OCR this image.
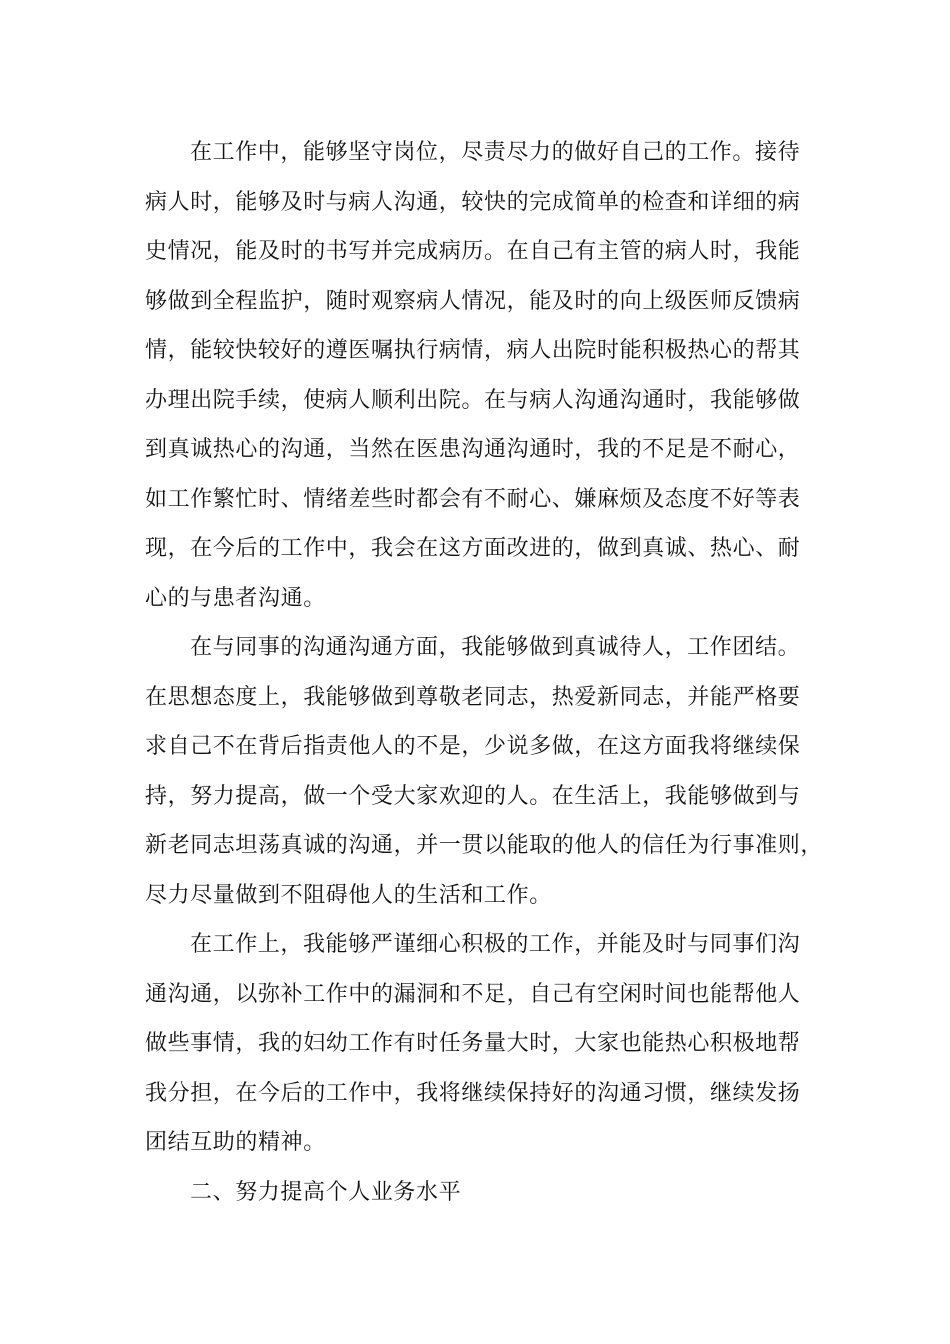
在工作中，能够坚守岗位，尽责尽力的做好自己的工作。接待
病人时，能够及时与病人沟通，较快的完成简单的检查和详细的病
史情况，能及时的书写并完成病历。在自己有主管的病人时，我能
够做到全程监护，随时观察病人情况，能及时的向上级医师反馈病
情，能较快较好的遵医嘱执行病情，病人出院时能积极热心的帮其
办理出院手续，使病人顺利出院。在与病人沟通沟通时，我能够做
到真诚热心的沟通，当然在医患沟通沟通时，我的不足是不耐心，
如工作繁忙时、情绪差些时都会有不耐心、嫌麻烦及态度不好等表
现，在今后的工作中，我会在这方面改进的，做到真诚、热心、耐
心的与患者沟通。
在与同事的沟通沟通方面，我能够做到真诚待人，工作团结。
在思想态度上，我能够做到尊敬老同志，热爱新同志，并能严格要
求自己不在背后指责他人的不是，少说多做，在这方面我将继续保
持，努力提高，做一个受大家欢迎的人。在生活上，我能够做到与
新老同志坦荡真诚的沟通，并一贯以能取的他人的信任为行事准则，
尽力尽量做到不阻碍他人的生活和工作。
在工作上，我能够严谨细心积极的工作，并能及时与同事们沟
通沟通，以弥补工作中的漏洞和不足，自己有空闲时间也能帮他人
做些事情，我的妇幼工作有时任务量大时，大家也能热心积极地帮
我分担，在今后的工作中，我将继续保持好的沟通习惯，继续发扬
团结互助的精神。
二、努力提高个人业务水平
